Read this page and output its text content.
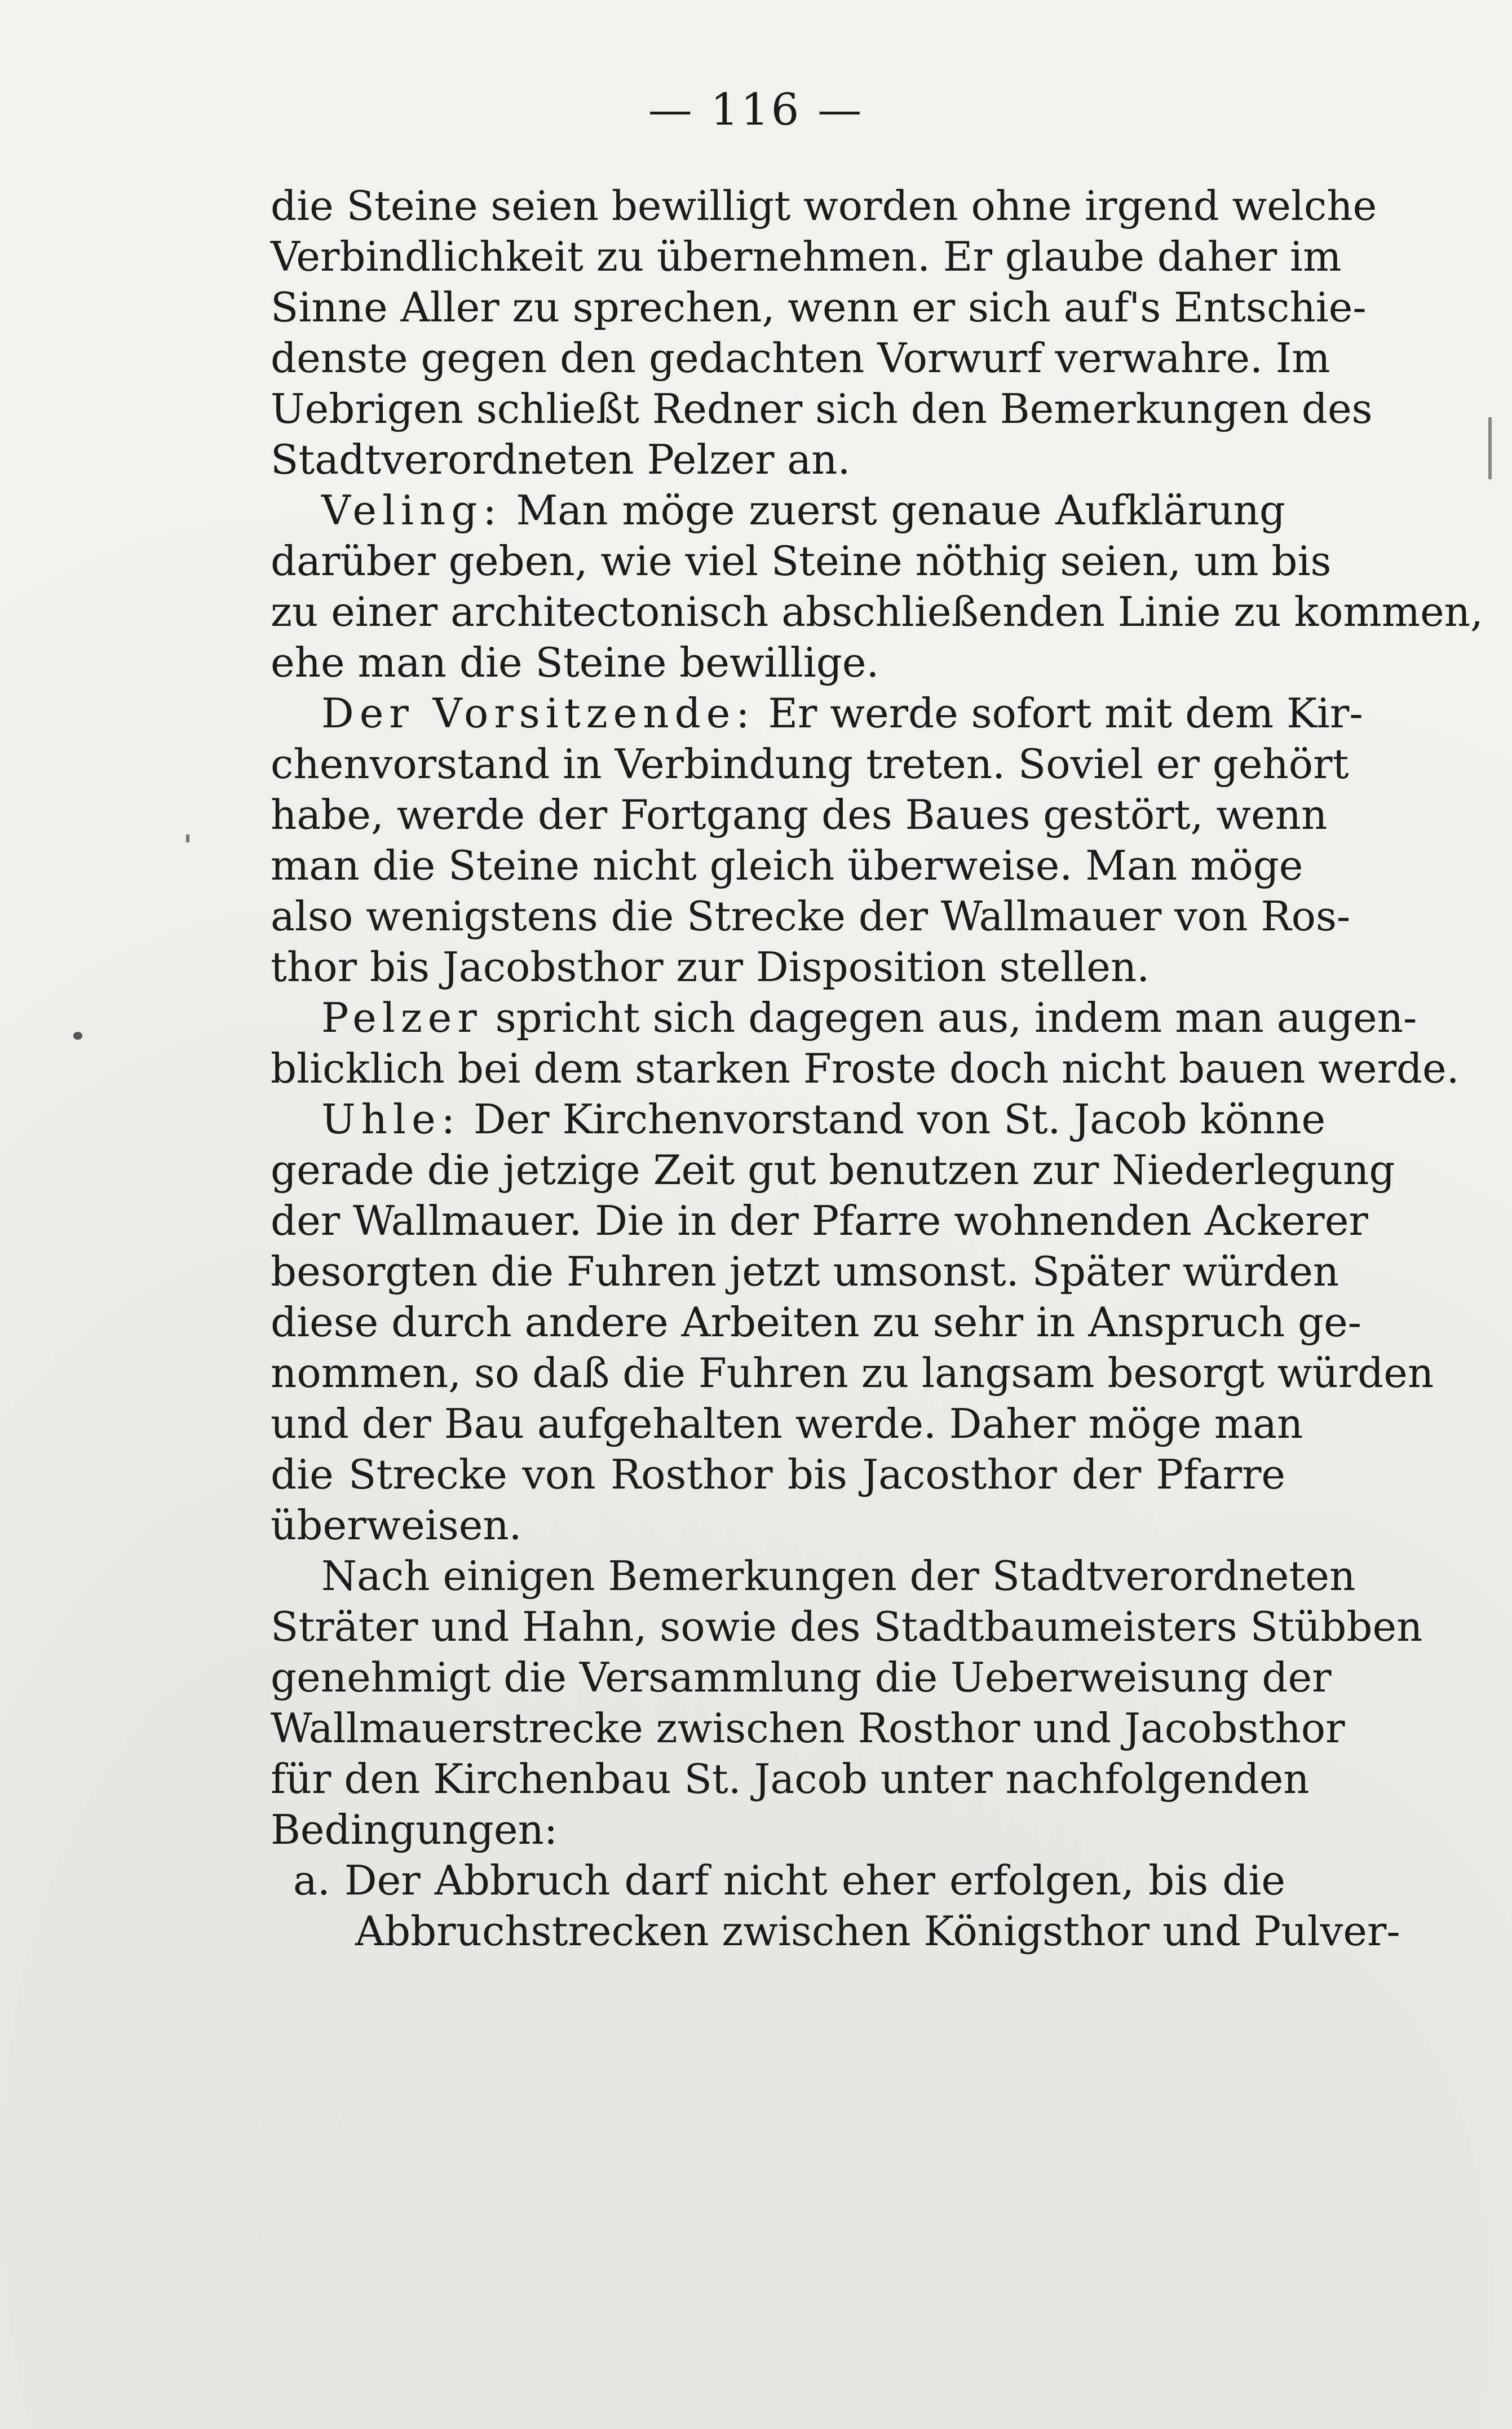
— 116 —
die Steine seien bewilligt worden ohne irgend welche
Verbindlichkeit zu übernehmen. Er glaube daher im
Sinne Aller zu sprechen, wenn er sich auf's Entschie-
denste gegen den gedachten Vorwurf verwahre. Im
Uebrigen schließt Redner sich den Bemerkungen des
Stadtverordneten Pelzer an.
Veling: Man möge zuerst genaue Aufklärung
darüber geben, wie viel Steine nöthig seien, um bis
zu einer architectonisch abschließenden Linie zu kommen,
ehe man die Steine bewillige.
Der Vorsitzende: Er werde sofort mit dem Kir-
chenvorstand in Verbindung treten. Soviel er gehört
habe, werde der Fortgang des Baues gestört, wenn
man die Steine nicht gleich überweise. Man möge
also wenigstens die Strecke der Wallmauer von Ros-
thor bis Jacobsthor zur Disposition stellen.
Pelzer spricht sich dagegen aus, indem man augen-
blicklich bei dem starken Froste doch nicht bauen werde.
Uhle: Der Kirchenvorstand von St. Jacob könne
gerade die jetzige Zeit gut benutzen zur Niederlegung
der Wallmauer. Die in der Pfarre wohnenden Ackerer
besorgten die Fuhren jetzt umsonst. Später würden
diese durch andere Arbeiten zu sehr in Anspruch ge-
nommen, so daß die Fuhren zu langsam besorgt würden
und der Bau aufgehalten werde. Daher möge man
die Strecke von Rosthor bis Jacosthor der Pfarre
überweisen.
Nach einigen Bemerkungen der Stadtverordneten
Sträter und Hahn, sowie des Stadtbaumeisters Stübben
genehmigt die Versammlung die Ueberweisung der
Wallmauerstrecke zwischen Rosthor und Jacobsthor
für den Kirchenbau St. Jacob unter nachfolgenden
Bedingungen:
a. Der Abbruch darf nicht eher erfolgen, bis die
Abbruchstrecken zwischen Königsthor und Pulver-
